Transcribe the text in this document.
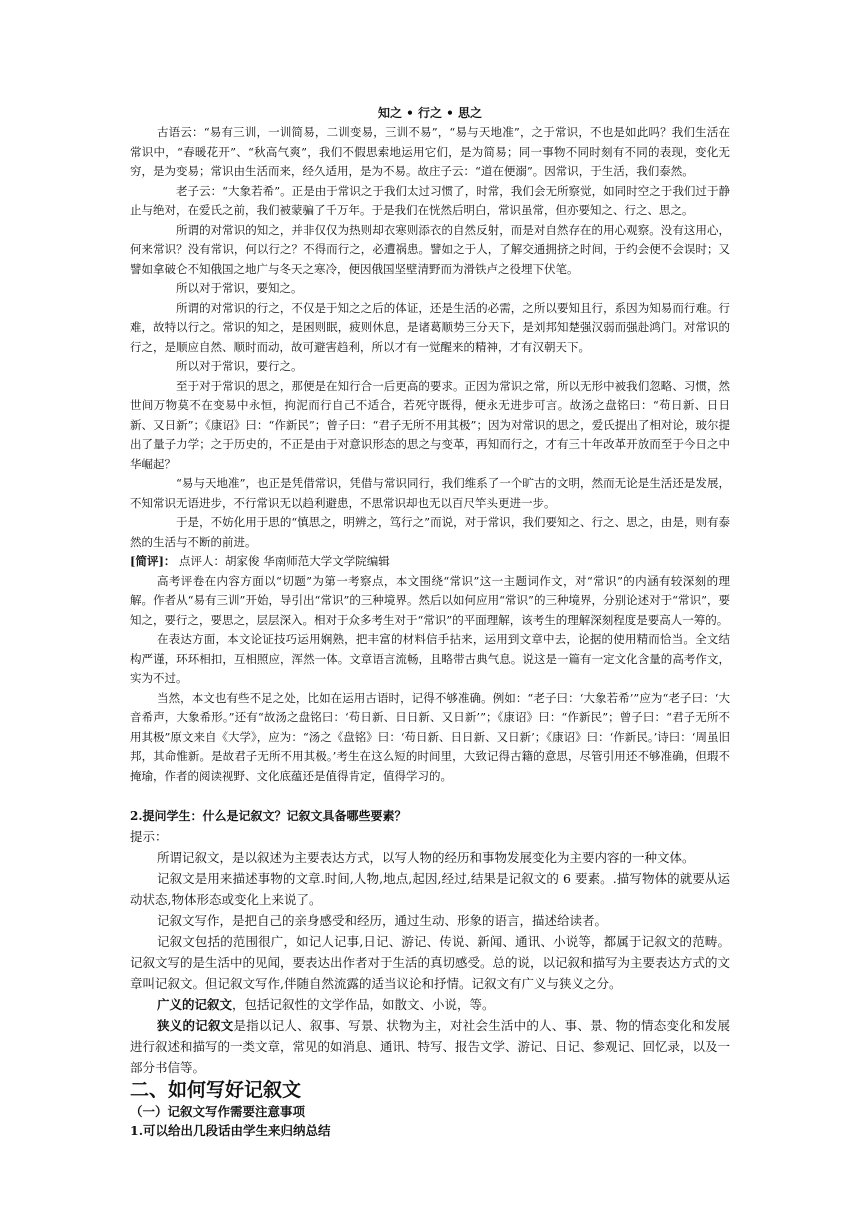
知之 • 行之 • 思之

古语云：“易有三训，一训简易，二训变易，三训不易”，“易与天地准”，之于常识，不也是如此吗？我们生活在常识中，“春暖花开”、“秋高气爽”，我们不假思索地运用它们，是为简易；同一事物不同时刻有不同的表现，变化无穷，是为变易；常识由生活而来，经久适用，是为不易。故庄子云：“道在便溺”。因常识，于生活，我们泰然。

老子云：“大象若希”。正是由于常识之于我们太过习惯了，时常，我们会无所察觉，如同时空之于我们过于静止与绝对，在爱氏之前，我们被蒙骗了千万年。于是我们在恍然后明白，常识虽常，但亦要知之、行之、思之。

所谓的对常识的知之，并非仅仅为热则却衣寒则添衣的自然反射，而是对自然存在的用心观察。没有这用心，何来常识？没有常识，何以行之？不得而行之，必遭祸患。譬如之于人，了解交通拥挤之时间，于约会便不会误时；又譬如拿破仑不知俄国之地广与冬天之寒冷，便因俄国坚壁清野而为滑铁卢之役埋下伏笔。

所以对于常识，要知之。

所谓的对常识的行之，不仅是于知之之后的体证，还是生活的必需，之所以要知且行，系因为知易而行难。行难，故特以行之。常识的知之，是困则眠，疲则休息，是诸葛顺势三分天下，是刘邦知楚强汉弱而强赴鸿门。对常识的行之，是顺应自然、顺时而动，故可避害趋利，所以才有一觉醒来的精神，才有汉朝天下。

所以对于常识，要行之。

至于对于常识的思之，那便是在知行合一后更高的要求。正因为常识之常，所以无形中被我们忽略、习惯，然世间万物莫不在变易中永恒，拘泥而行自己不适合，若死守既得，便永无进步可言。故汤之盘铭曰：“苟日新、日日新、又日新”；《康诏》曰：“作新民”；曾子曰：“君子无所不用其极”；因为对常识的思之，爱氏提出了相对论，玻尔提出了量子力学；之于历史的，不正是由于对意识形态的思之与变革，再知而行之，才有三十年改革开放而至于今日之中华崛起？

“易与天地准”，也正是凭借常识，凭借与常识同行，我们维系了一个旷古的文明，然而无论是生活还是发展，不知常识无语进步，不行常识无以趋利避患，不思常识却也无以百尺竿头更进一步。

于是，不妨化用于思的“慎思之，明辨之，笃行之”而说，对于常识，我们要知之、行之、思之，由是，则有泰然的生活与不断的前进。

[简评]： 点评人：胡家俊 华南师范大学文学院编辑

高考评卷在内容方面以“切题”为第一考察点，本文围绕“常识”这一主题词作文，对“常识”的内涵有较深刻的理解。作者从“易有三训”开始，导引出“常识”的三种境界。然后以如何应用“常识”的三种境界，分别论述对于“常识”，要知之，要行之，要思之，层层深入。相对于众多考生对于“常识”的平面理解，该考生的理解深刻程度是要高人一筹的。

在表达方面，本文论证技巧运用娴熟，把丰富的材料信手拈来，运用到文章中去，论据的使用精而恰当。全文结构严谨，环环相扣，互相照应，浑然一体。文章语言流畅，且略带古典气息。说这是一篇有一定文化含量的高考作文，实为不过。

当然，本文也有些不足之处，比如在运用古语时，记得不够准确。例如：“老子曰：‘大象若希’”应为“老子曰：‘大音希声，大象希形。”还有“故汤之盘铭曰：‘苟日新、日日新、又日新’”；《康诏》曰：“作新民”；曾子曰：“君子无所不用其极”原文来自《大学》，应为：“汤之《盘铭》曰：‘苟日新、日日新、又日新’；《康诏》曰：‘作新民。’诗曰：‘周虽旧邦，其命惟新。是故君子无所不用其极。’考生在这么短的时间里，大致记得古籍的意思，尽管引用还不够准确，但瑕不掩瑜，作者的阅读视野、文化底蕴还是值得肯定，值得学习的。

2.提问学生：什么是记叙文？记叙文具备哪些要素？

提示：

所谓记叙文，是以叙述为主要表达方式，以写人物的经历和事物发展变化为主要内容的一种文体。

记叙文是用来描述事物的文章.时间,人物,地点,起因,经过,结果是记叙文的 6 要素。.描写物体的就要从运动状态,物体形态或变化上来说了。

记叙文写作，是把自己的亲身感受和经历，通过生动、形象的语言，描述给读者。

记叙文包括的范围很广，如记人记事,日记、游记、传说、新闻、通讯、小说等，都属于记叙文的范畴。记叙文写的是生活中的见闻，要表达出作者对于生活的真切感受。总的说，以记叙和描写为主要表达方式的文章叫记叙文。但记叙文写作,伴随自然流露的适当议论和抒情。记叙文有广义与狭义之分。

广义的记叙文，包括记叙性的文学作品，如散文、小说，等。

狭义的记叙文是指以记人、叙事、写景、状物为主，对社会生活中的人、事、景、物的情态变化和发展进行叙述和描写的一类文章，常见的如消息、通讯、特写、报告文学、游记、日记、参观记、回忆录，以及一部分书信等。

二、如何写好记叙文

（一）记叙文写作需要注意事项

1.可以给出几段话由学生来归纳总结
